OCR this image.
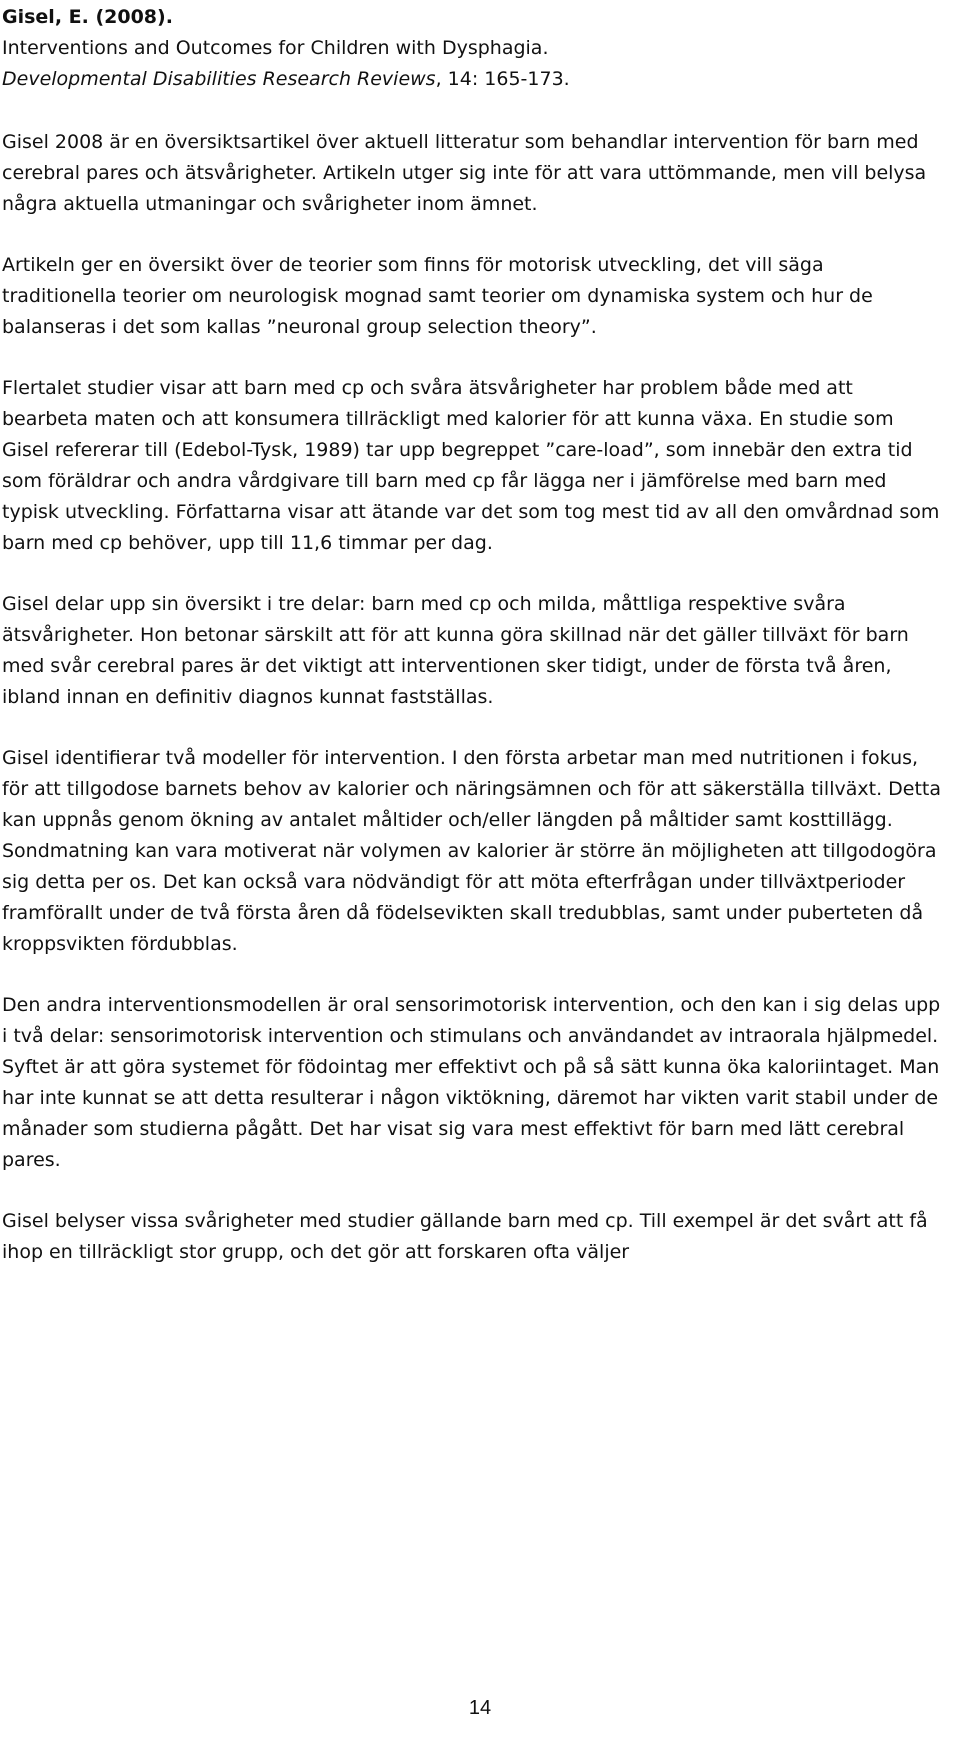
Gisel, E. (2008).
Interventions and Outcomes for Children with Dysphagia.
Developmental Disabilities Research Reviews, 14: 165-173.

Gisel 2008 är en översiktsartikel över aktuell litteratur som behandlar intervention för barn med cerebral pares och ätsvårigheter. Artikeln utger sig inte för att vara uttömmande, men vill belysa några aktuella utmaningar och svårigheter inom ämnet.

Artikeln ger en översikt över de teorier som finns för motorisk utveckling, det vill säga traditionella teorier om neurologisk mognad samt teorier om dynamiska system och hur de balanseras i det som kallas ”neuronal group selection theory”.

Flertalet studier visar att barn med cp och svåra ätsvårigheter har problem både med att bearbeta maten och att konsumera tillräckligt med kalorier för att kunna växa. En studie som Gisel refererar till (Edebol-Tysk, 1989) tar upp begreppet ”care-load”, som innebär den extra tid som föräldrar och andra vårdgivare till barn med cp får lägga ner i jämförelse med barn med typisk utveckling. Författarna visar att ätande var det som tog mest tid av all den omvårdnad som barn med cp behöver, upp till 11,6 timmar per dag.

Gisel delar upp sin översikt i tre delar: barn med cp och milda, måttliga respektive svåra ätsvårigheter. Hon betonar särskilt att för att kunna göra skillnad när det gäller tillväxt för barn med svår cerebral pares är det viktigt att interventionen sker tidigt, under de första två åren, ibland innan en definitiv diagnos kunnat fastställas.

Gisel identifierar två modeller för intervention. I den första arbetar man med nutritionen i fokus, för att tillgodose barnets behov av kalorier och näringsämnen och för att säkerställa tillväxt. Detta kan uppnås genom ökning av antalet måltider och/eller längden på måltider samt kosttillägg. Sondmatning kan vara motiverat när volymen av kalorier är större än möjligheten att tillgodogöra sig detta per os. Det kan också vara nödvändigt för att möta efterfrågan under tillväxtperioder framförallt under de två första åren då födelsevikten skall tredubblas, samt under puberteten då kroppsvikten fördubblas.

Den andra interventionsmodellen är oral sensorimotorisk intervention, och den kan i sig delas upp i två delar: sensorimotorisk intervention och stimulans och användandet av intraorala hjälpmedel. Syftet är att göra systemet för födointag mer effektivt och på så sätt kunna öka kaloriintaget. Man har inte kunnat se att detta resulterar i någon viktökning, däremot har vikten varit stabil under de månader som studierna pågått. Det har visat sig vara mest effektivt för barn med lätt cerebral pares.

Gisel belyser vissa svårigheter med studier gällande barn med cp. Till exempel är det svårt att få ihop en tillräckligt stor grupp, och det gör att forskaren ofta väljer

14
